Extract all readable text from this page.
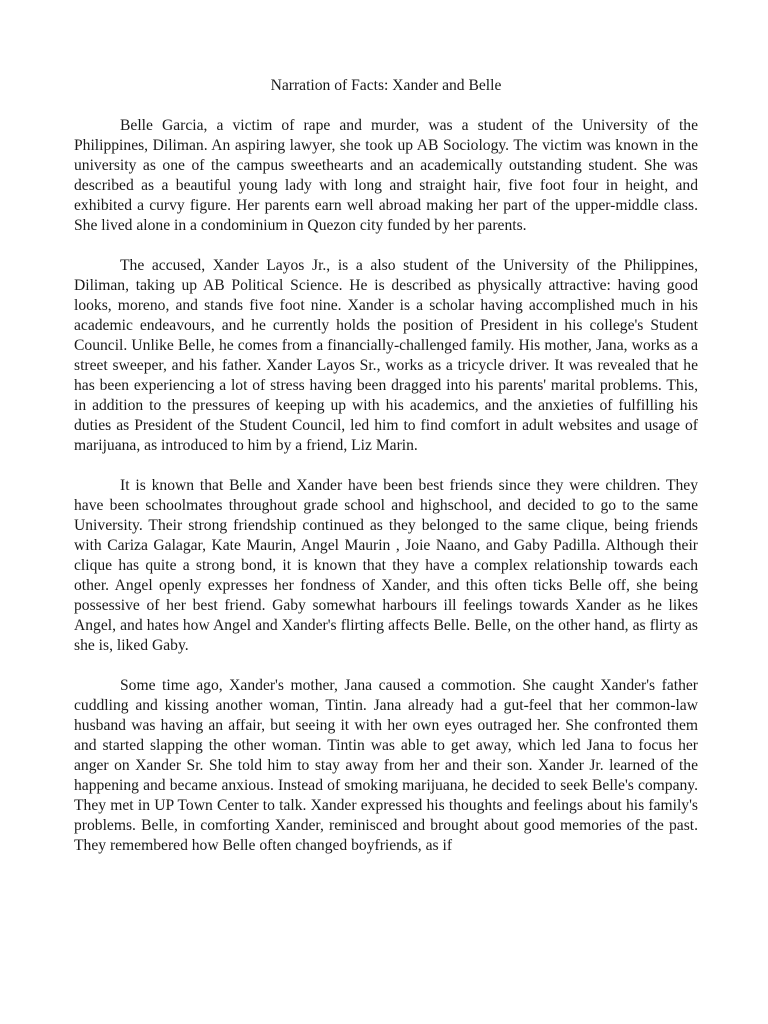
Narration of Facts: Xander and Belle

Belle Garcia, a victim of rape and murder, was a student of the University of the Philippines, Diliman. An aspiring lawyer, she took up AB Sociology. The victim was known in the university as one of the campus sweethearts and an academically outstanding student. She was described as a beautiful young lady with long and straight hair, five foot four in height, and exhibited a curvy figure. Her parents earn well abroad making her part of the upper-middle class. She lived alone in a condominium in Quezon city funded by her parents.

The accused, Xander Layos Jr., is a also student of the University of the Philippines, Diliman, taking up AB Political Science. He is described as physically attractive: having good looks, moreno, and stands five foot nine. Xander is a scholar having accomplished much in his academic endeavours, and he currently holds the position of President in his college's Student Council. Unlike Belle, he comes from a financially-challenged family. His mother, Jana, works as a street sweeper, and his father. Xander Layos Sr., works as a tricycle driver. It was revealed that he has been experiencing a lot of stress having been dragged into his parents' marital problems. This, in addition to the pressures of keeping up with his academics, and the anxieties of fulfilling his duties as President of the Student Council, led him to find comfort in adult websites and usage of marijuana, as introduced to him by a friend, Liz Marin.

It is known that Belle and Xander have been best friends since they were children. They have been schoolmates throughout grade school and highschool, and decided to go to the same University. Their strong friendship continued as they belonged to the same clique, being friends with Cariza Galagar, Kate Maurin, Angel Maurin , Joie Naano, and Gaby Padilla. Although their clique has quite a strong bond, it is known that they have a complex relationship towards each other. Angel openly expresses her fondness of Xander, and this often ticks Belle off, she being possessive of her best friend. Gaby somewhat harbours ill feelings towards Xander as he likes Angel, and hates how Angel and Xander's flirting affects Belle. Belle, on the other hand, as flirty as she is, liked Gaby.

Some time ago, Xander's mother, Jana caused a commotion. She caught Xander's father cuddling and kissing another woman, Tintin. Jana already had a gut-feel that her common-law husband was having an affair, but seeing it with her own eyes outraged her. She confronted them and started slapping the other woman. Tintin was able to get away, which led Jana to focus her anger on Xander Sr. She told him to stay away from her and their son. Xander Jr. learned of the happening and became anxious. Instead of smoking marijuana, he decided to seek Belle's company. They met in UP Town Center to talk. Xander expressed his thoughts and feelings about his family's problems. Belle, in comforting Xander, reminisced and brought about good memories of the past. They remembered how Belle often changed boyfriends, as if
